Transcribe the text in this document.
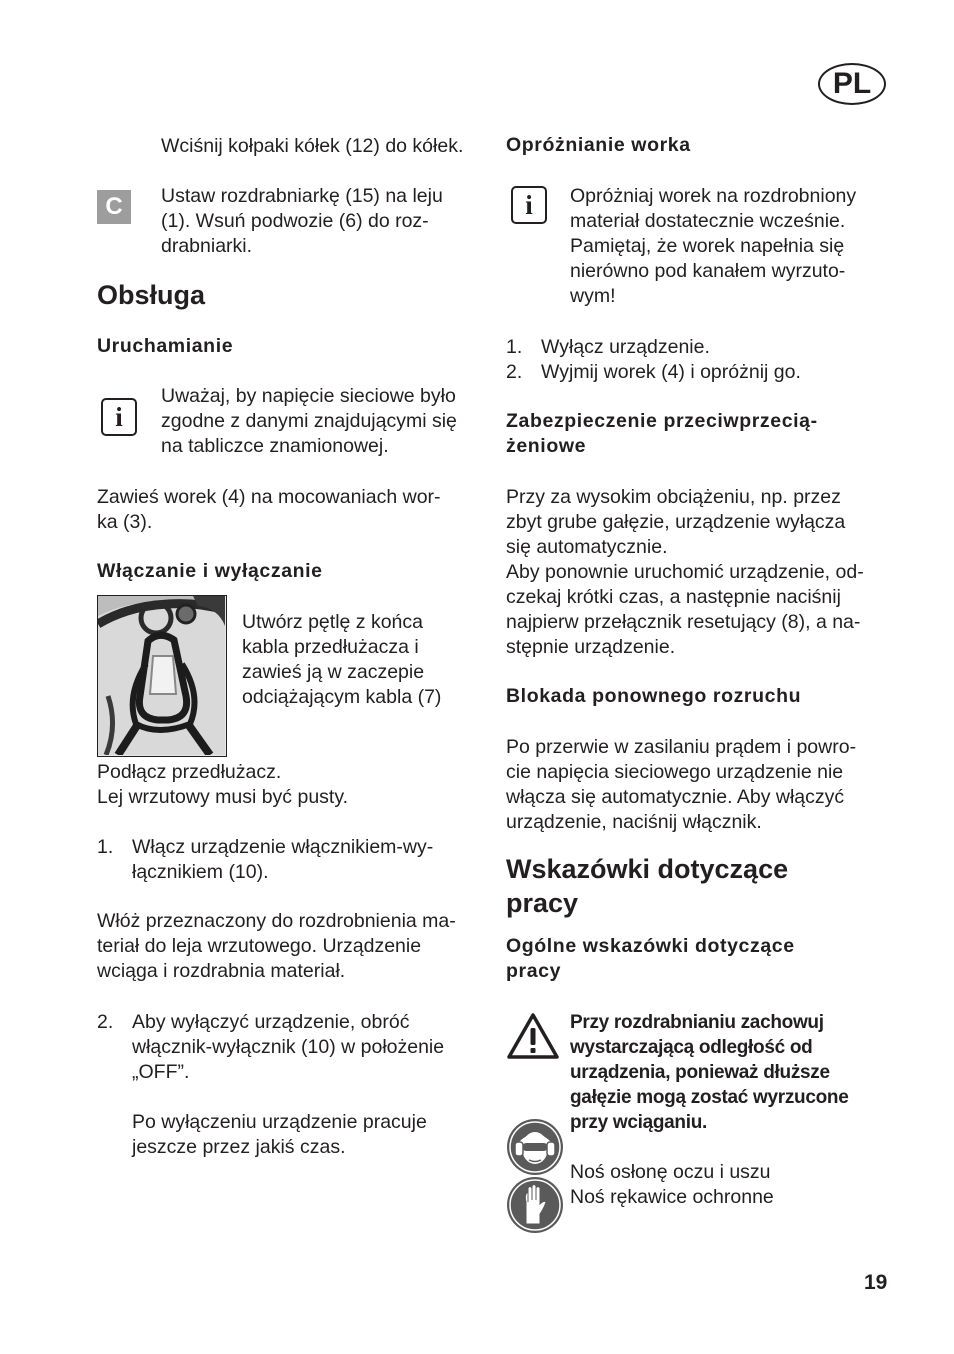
PL

Wciśnij kołpaki kółek (12) do kółek.

C	Ustaw rozdrabniarkę (15) na leju
(1). Wsuń podwozie (6) do roz-
drabniarki.

Obsługa
Uruchamianie
i

Uważaj, by napięcie sieciowe było
zgodne z danymi znajdującymi się
na tabliczce znamionowej.

Zawieś worek (4) na mocowaniach wor-
ka (3).

Włączanie i wyłączanie

Utwórz pętlę z końca
kabla przedłużacza i
zawieś ją w zaczepie
odciążającym kabla (7)

Podłącz przedłużacz.
Lej wrzutowy musi być pusty.

1. Włącz urządzenie włącznikiem-wy-
łącznikiem (10).

Włóż przeznaczony do rozdrobnienia ma-
teriał do leja wrzutowego. Urządzenie
wciąga i rozdrabnia materiał.

2. Aby wyłączyć urządzenie, obróć
włącznik-wyłącznik (10) w położenie
„OFF”.

Po wyłączeniu urządzenie pracuje
jeszcze przez jakiś czas.

Opróżnianie worka
i	Opróżniaj worek na rozdrobniony
materiał dostatecznie wcześnie.
Pamiętaj, że worek napełnia się
nierówno pod kanałem wyrzuto-
wym!

1. Wyłącz urządzenie.

2. Wyjmij worek (4) i opróżnij go.

Zabezpieczenie przeciwprzecią-
żeniowe

Przy za wysokim obciążeniu, np. przez
zbyt grube gałęzie, urządzenie wyłącza
się automatycznie.
Aby ponownie uruchomić urządzenie, od-
czekaj krótki czas, a następnie naciśnij
najpierw przełącznik resetujący (8), a na-
stępnie urządzenie.

Blokada ponownego rozruchu

Po przerwie w zasilaniu prądem i powro-
cie napięcia sieciowego urządzenie nie
włącza się automatycznie. Aby włączyć
urządzenie, naciśnij włącznik.

Wskazówki dotyczące
pracy
Ogólne wskazówki dotyczące
pracy

Przy rozdrabnianiu zachowuj
wystarczającą odległość od
urządzenia, ponieważ dłuższe
gałęzie mogą zostać wyrzucone
przy wciąganiu.

Noś osłonę oczu i uszu

Noś rękawice ochronne

19
